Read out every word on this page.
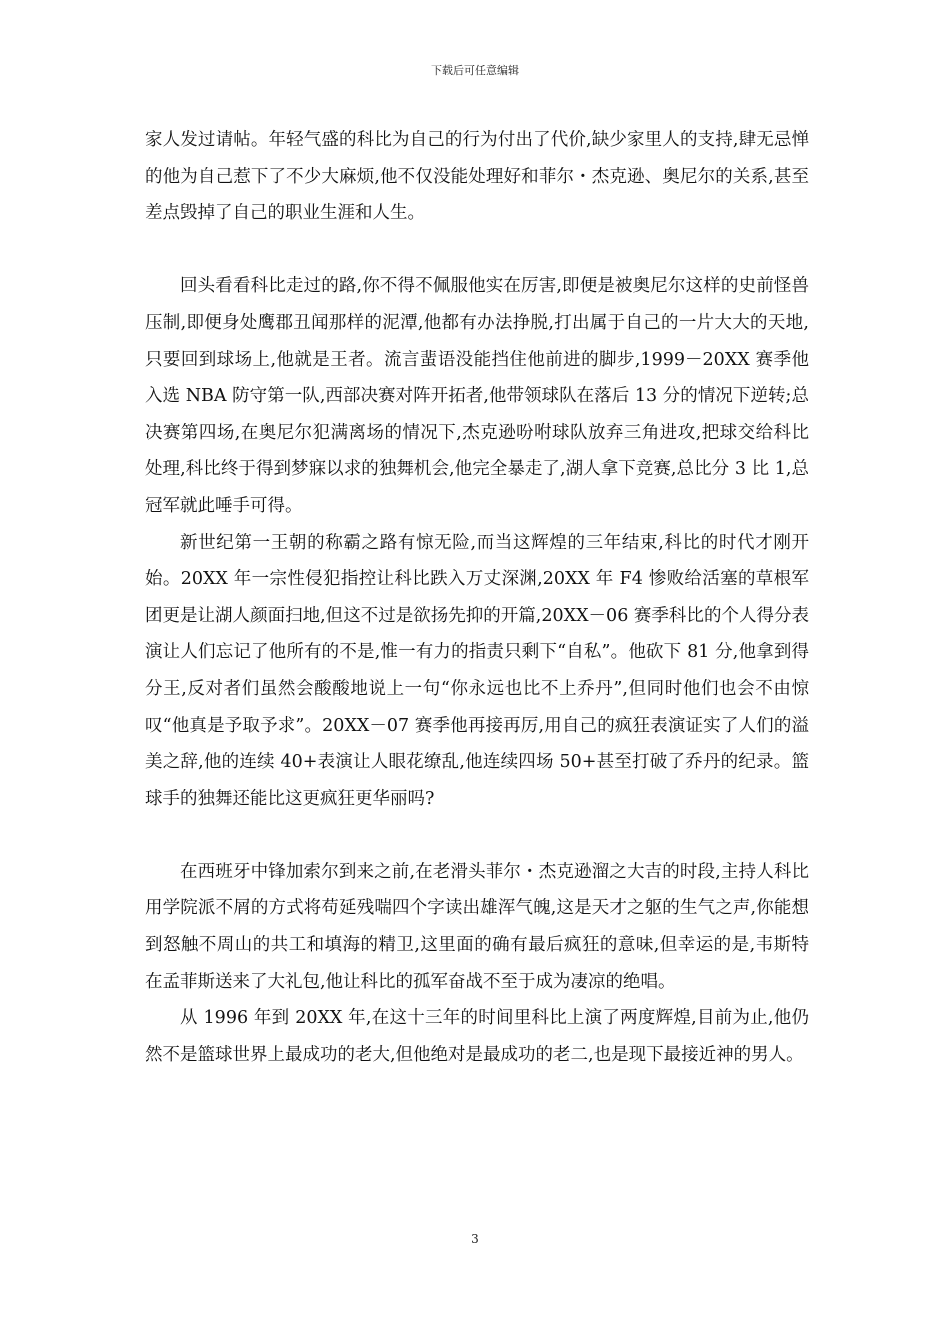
下载后可任意编辑

家人发过请帖。年轻气盛的科比为自己的行为付出了代价,缺少家里人的支持,肆无忌惮的他为自己惹下了不少大麻烦,他不仅没能处理好和菲尔・杰克逊、奥尼尔的关系,甚至差点毁掉了自己的职业生涯和人生。

回头看看科比走过的路,你不得不佩服他实在厉害,即便是被奥尼尔这样的史前怪兽压制,即便身处鹰郡丑闻那样的泥潭,他都有办法挣脱,打出属于自己的一片大大的天地,只要回到球场上,他就是王者。流言蜚语没能挡住他前进的脚步,1999－20XX 赛季他入选 NBA 防守第一队,西部决赛对阵开拓者,他带领球队在落后 13 分的情况下逆转;总决赛第四场,在奥尼尔犯满离场的情况下,杰克逊吩咐球队放弃三角进攻,把球交给科比处理,科比终于得到梦寐以求的独舞机会,他完全暴走了,湖人拿下竞赛,总比分 3 比 1,总冠军就此唾手可得。

新世纪第一王朝的称霸之路有惊无险,而当这辉煌的三年结束,科比的时代才刚开始。20XX 年一宗性侵犯指控让科比跌入万丈深渊,20XX 年 F4 惨败给活塞的草根军团更是让湖人颜面扫地,但这不过是欲扬先抑的开篇,20XX－06 赛季科比的个人得分表演让人们忘记了他所有的不是,惟一有力的指责只剩下“自私”。他砍下 81 分,他拿到得分王,反对者们虽然会酸酸地说上一句“你永远也比不上乔丹”,但同时他们也会不由惊叹“他真是予取予求”。20XX－07 赛季他再接再厉,用自己的疯狂表演证实了人们的溢美之辞,他的连续 40+表演让人眼花缭乱,他连续四场 50+甚至打破了乔丹的纪录。篮球手的独舞还能比这更疯狂更华丽吗?

在西班牙中锋加索尔到来之前,在老滑头菲尔・杰克逊溜之大吉的时段,主持人科比用学院派不屑的方式将苟延残喘四个字读出雄浑气魄,这是天才之躯的生气之声,你能想到怒触不周山的共工和填海的精卫,这里面的确有最后疯狂的意味,但幸运的是,韦斯特在孟菲斯送来了大礼包,他让科比的孤军奋战不至于成为凄凉的绝唱。

从 1996 年到 20XX 年,在这十三年的时间里科比上演了两度辉煌,目前为止,他仍然不是篮球世界上最成功的老大,但他绝对是最成功的老二,也是现下最接近神的男人。

3
